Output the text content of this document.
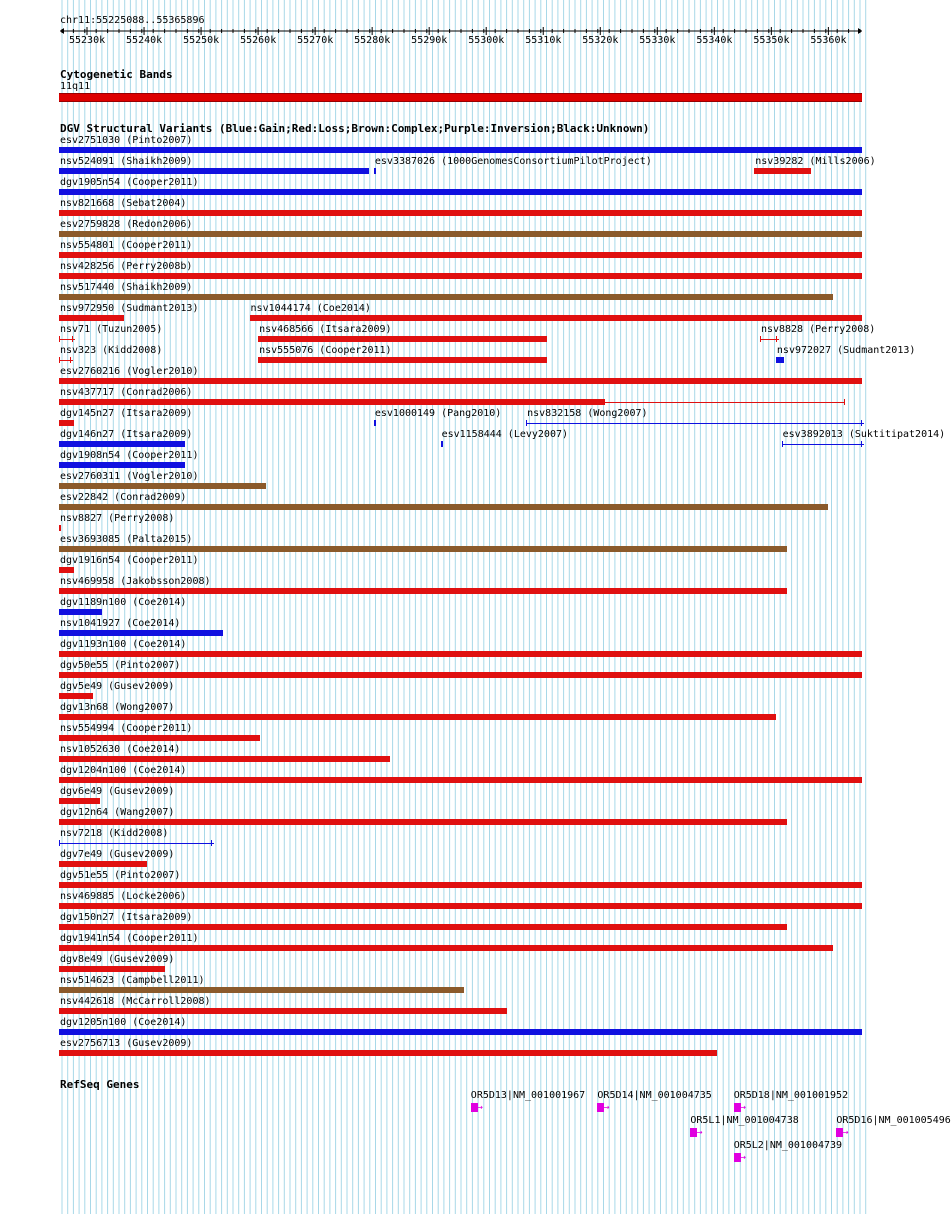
chr11:55225088..55365896
55230k 55240k 55250k 55260k 55270k 55280k 55290k 55300k 55310k 55320k 55330k 55340k 55350k 55360k
Cytogenetic Bands
11q11
DGV Structural Variants (Blue:Gain;Red:Loss;Brown:Complex;Purple:Inversion;Black:Unknown)
esv2751030 (Pinto2007)
nsv524091 (Shaikh2009)	esv3387026 (1000GenomesConsortiumPilotProject)	nsv39282 (Mills2006)
dgv1905n54 (Cooper2011)
nsv821668 (Sebat2004)
esv2759828 (Redon2006)
nsv554801 (Cooper2011)
nsv428256 (Perry2008b)
nsv517440 (Shaikh2009)
nsv972950 (Sudmant2013)	nsv1044174 (Coe2014)
nsv71 (Tuzun2005)	nsv468566 (Itsara2009)	nsv8828 (Perry2008)
nsv323 (Kidd2008)	nsv555076 (Cooper2011)	nsv972027 (Sudmant2013)
esv2760216 (Vogler2010)
nsv437717 (Conrad2006)
dgv145n27 (Itsara2009)	esv1000149 (Pang2010)	nsv832158 (Wong2007)
dgv146n27 (Itsara2009)	esv1158444 (Levy2007)	esv3892013 (Suktitipat2014)
dgv1908n54 (Cooper2011)
esv2760311 (Vogler2010)
esv22842 (Conrad2009)
nsv8827 (Perry2008)
esv3693085 (Palta2015)
dgv1916n54 (Cooper2011)
nsv469958 (Jakobsson2008)
dgv1189n100 (Coe2014)
nsv1041927 (Coe2014)
dgv1193n100 (Coe2014)
dgv50e55 (Pinto2007)
dgv5e49 (Gusev2009)
dgv13n68 (Wong2007)
nsv554994 (Cooper2011)
nsv1052630 (Coe2014)
dgv1204n100 (Coe2014)
dgv6e49 (Gusev2009)
dgv12n64 (Wang2007)
nsv7218 (Kidd2008)
dgv7e49 (Gusev2009)
dgv51e55 (Pinto2007)
nsv469885 (Locke2006)
dgv150n27 (Itsara2009)
dgv1941n54 (Cooper2011)
dgv8e49 (Gusev2009)
nsv514623 (Campbell2011)
nsv442618 (McCarroll2008)
dgv1205n100 (Coe2014)
esv2756713 (Gusev2009)
RefSeq Genes
OR5D13|NM_001001967
→
OR5D14|NM_001004735
→
OR5D18|NM_001001952
→
OR5L1|NM_001004738
→
OR5D16|NM_001005496
→
OR5L2|NM_001004739
→
